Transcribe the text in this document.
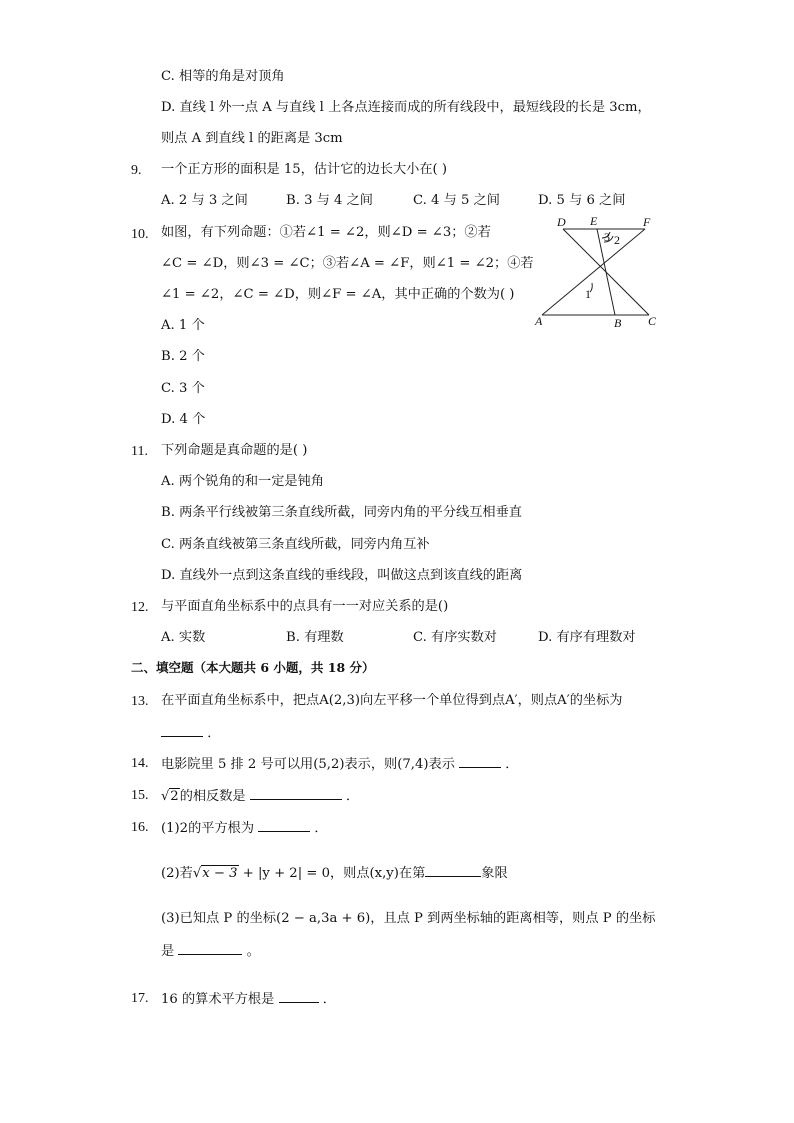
C. 相等的角是对顶角
D. 直线 l 外一点 A 与直线 l 上各点连接而成的所有线段中，最短线段的长是 3cm，
则点 A 到直线 l 的距离是 3cm
9. 一个正方形的面积是 15，估计它的边长大小在( )
A. 2 与 3 之间	B. 3 与 4 之间	C. 4 与 5 之间	D. 5 与 6 之间
10. 如图，有下列命题：①若∠1 = ∠2，则∠D = ∠3；②若
∠C = ∠D，则∠3 = ∠C；③若∠A = ∠F，则∠1 = ∠2；④若
∠1 = ∠2，∠C = ∠D，则∠F = ∠A，其中正确的个数为( )
A. 1 个
B. 2 个
C. 3 个
D. 4 个
D E	F
A	B C
1
2
3
11. 下列命题是真命题的是( )
A. 两个锐角的和一定是钝角
B. 两条平行线被第三条直线所截，同旁内角的平分线互相垂直
C. 两条直线被第三条直线所截，同旁内角互补
D. 直线外一点到这条直线的垂线段，叫做这点到该直线的距离
12. 与平面直角坐标系中的点具有一一对应关系的是()
A. 实数	B. 有理数	C. 有序实数对	D. 有序有理数对
二、填空题（本大题共 6 小题，共 18 分）
13. 在平面直角坐标系中，把点A(2,3)向左平移一个单位得到点A′，则点A′的坐标为
．
14. 电影院里 5 排 2 号可以用(5,2)表示，则(7,4)表示	．
15. √2的相反数是	．
16. (1)2的平方根为	．
(2)若√x − 3 + |y + 2| = 0，则点(x,y)在第	象限
(3)已知点 P 的坐标(2 − a,3a + 6)，且点 P 到两坐标轴的距离相等，则点 P 的坐标
是	。
17. 16 的算术平方根是	．
